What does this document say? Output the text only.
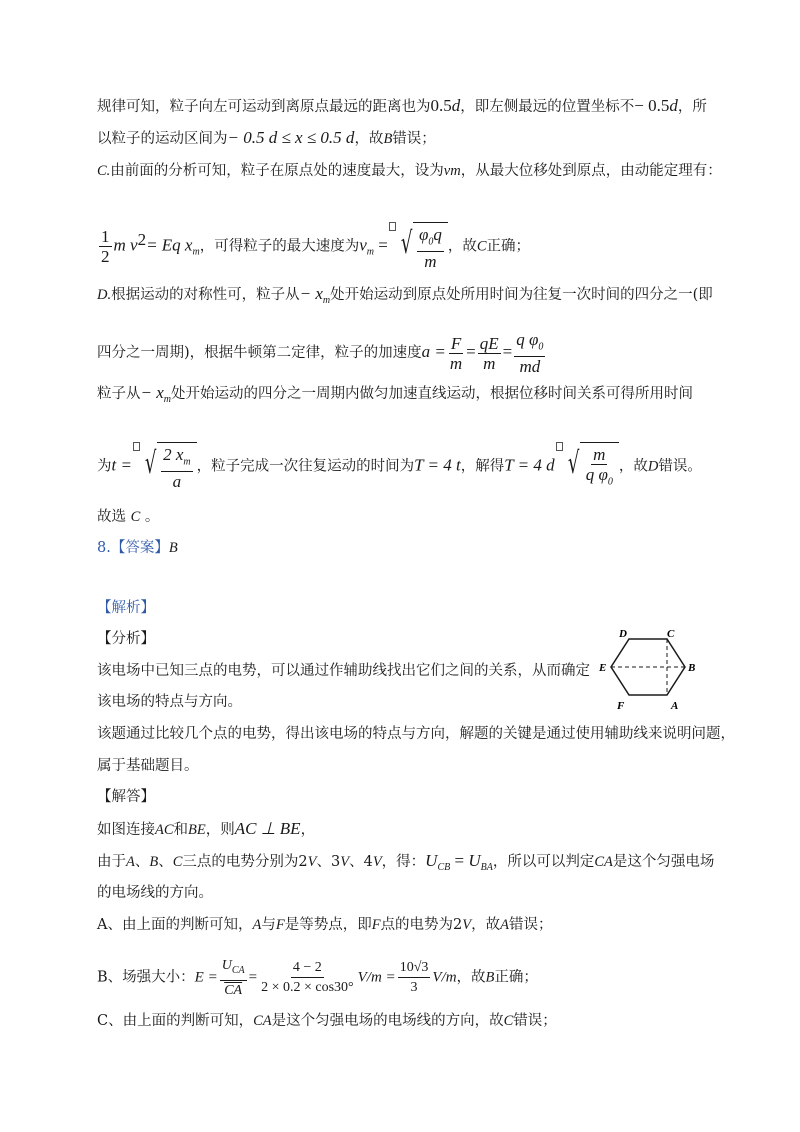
规律可知，粒子向左可运动到离原点最远的距离也为0.5d，即左侧最远的位置坐标不− 0.5d，所
以粒子的运动区间为− 0.5 d ≤ x ≤ 0.5 d，故B错误；
C.由前面的分析可知，粒子在原点处的速度最大，设为vm，从最大位移处到原点，由动能定理有：
$\frac{1}{2}$ m $v^2= Eq$ $x_m$，可得粒子的最大速度为$v_m$ = √ $\frac{\varphi_0q}{m}$ ，故C正确；
D.根据运动的对称性可，粒子从− $x_m$处开始运动到原点处所用时间为往复一次时间的四分之一(即
四分之一周期)，根据牛顿第二定律，粒子的加速度$a = \frac{F}{m} = \frac{qE}{m} = \frac{q \varphi_0}{md}$
粒子从− $x_m$处开始运动的四分之一周期内做匀加速直线运动，根据位移时间关系可得所用时间
为t = √ $\frac{2 x_m}{a}$ ，粒子完成一次往复运动的时间为T = 4 t，解得T = 4 d √ $\frac{m}{q \varphi_0}$ ，故D错误。
故选 C 。
8.【答案】B
【解析】
【分析】
该电场中已知三点的电势，可以通过作辅助线找出它们之间的关系，从而确定
该电场的特点与方向。
该题通过比较几个点的电势，得出该电场的特点与方向，解题的关键是通过使用辅助线来说明问题，
属于基础题目。
【解答】
如图连接AC和BE，则AC ⊥ BE，
由于A、B、C三点的电势分别为2V、3V、4V，得：$U_{CB} = U_{BA}$，所以可以判定CA是这个匀强电场
的电场线的方向。
A、由上面的判断可知，A与F是等势点，即F点的电势为2V，故A错误；
B、场强大小：$E = \frac{U_{CA}}{CA} = \frac{4 - 2}{2 \times 0.2 \times \cos 30^\circ} V/m = \frac{10√3}{3} V/m$，故B正确；
C、由上面的判断可知，CA是这个匀强电场的电场线的方向，故C错误；
D	C
E	B
F	A
